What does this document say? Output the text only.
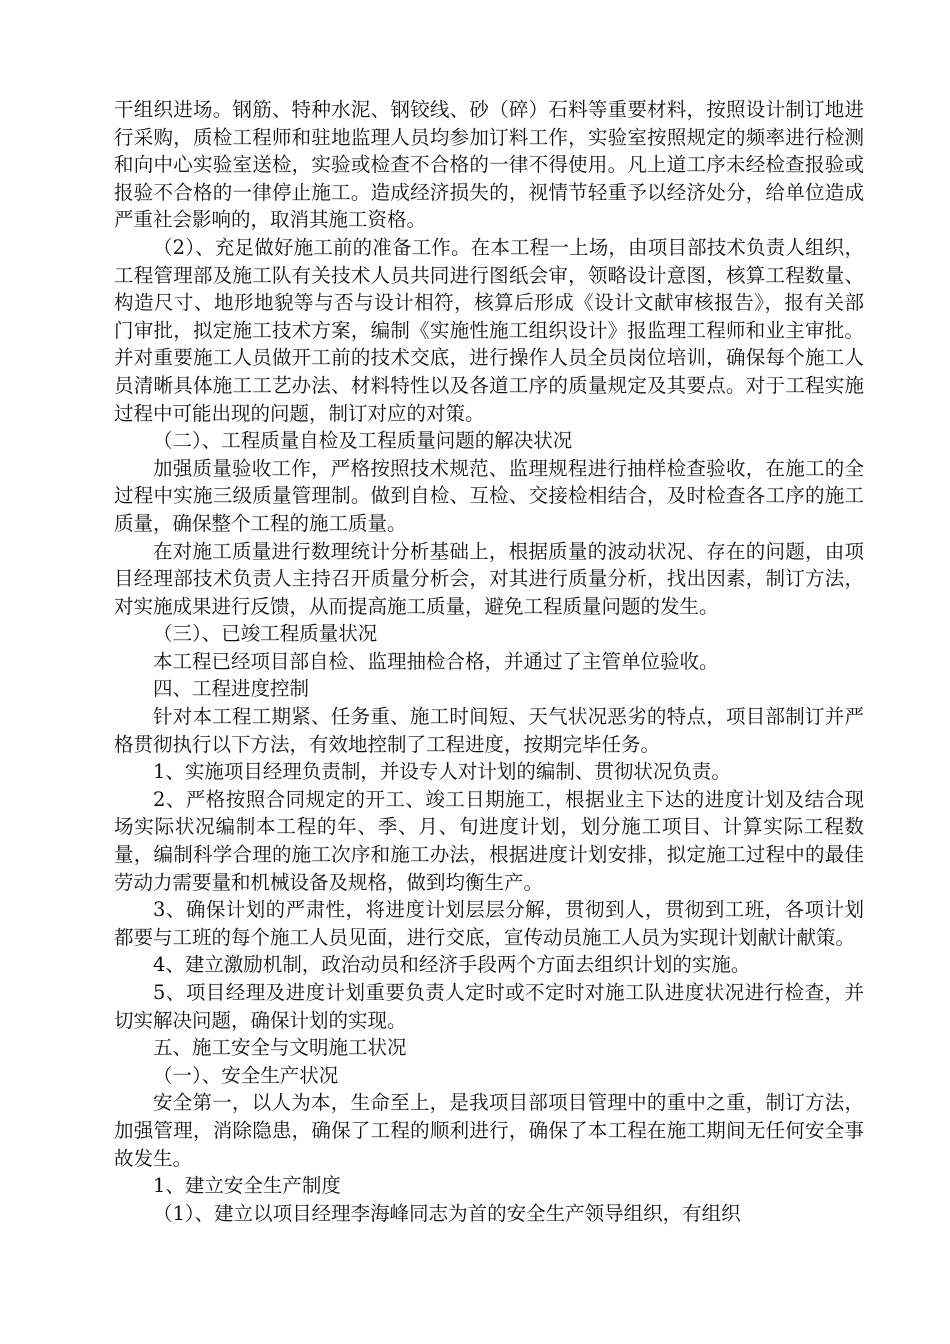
干组织进场。钢筋、特种水泥、钢铰线、砂（碎）石料等重要材料，按照设计制订地进行采购，质检工程师和驻地监理人员均参加订料工作，实验室按照规定的频率进行检测和向中心实验室送检，实验或检查不合格的一律不得使用。凡上道工序未经检查报验或报验不合格的一律停止施工。造成经济损失的，视情节轻重予以经济处分，给单位造成严重社会影响的，取消其施工资格。

（2）、充足做好施工前的准备工作。在本工程一上场，由项目部技术负责人组织，工程管理部及施工队有关技术人员共同进行图纸会审，领略设计意图，核算工程数量、构造尺寸、地形地貌等与否与设计相符，核算后形成《设计文献审核报告》，报有关部门审批，拟定施工技术方案，编制《实施性施工组织设计》报监理工程师和业主审批。并对重要施工人员做开工前的技术交底，进行操作人员全员岗位培训，确保每个施工人员清晰具体施工工艺办法、材料特性以及各道工序的质量规定及其要点。对于工程实施过程中可能出现的问题，制订对应的对策。

（二）、工程质量自检及工程质量问题的解决状况

加强质量验收工作，严格按照技术规范、监理规程进行抽样检查验收，在施工的全过程中实施三级质量管理制。做到自检、互检、交接检相结合，及时检查各工序的施工质量，确保整个工程的施工质量。

在对施工质量进行数理统计分析基础上，根据质量的波动状况、存在的问题，由项目经理部技术负责人主持召开质量分析会，对其进行质量分析，找出因素，制订方法，对实施成果进行反馈，从而提高施工质量，避免工程质量问题的发生。

（三）、已竣工程质量状况

本工程已经项目部自检、监理抽检合格，并通过了主管单位验收。

四、工程进度控制

针对本工程工期紧、任务重、施工时间短、天气状况恶劣的特点，项目部制订并严格贯彻执行以下方法，有效地控制了工程进度，按期完毕任务。

1、实施项目经理负责制，并设专人对计划的编制、贯彻状况负责。

2、严格按照合同规定的开工、竣工日期施工，根据业主下达的进度计划及结合现场实际状况编制本工程的年、季、月、旬进度计划，划分施工项目、计算实际工程数量，编制科学合理的施工次序和施工办法，根据进度计划安排，拟定施工过程中的最佳劳动力需要量和机械设备及规格，做到均衡生产。

3、确保计划的严肃性，将进度计划层层分解，贯彻到人，贯彻到工班，各项计划都要与工班的每个施工人员见面，进行交底，宣传动员施工人员为实现计划献计献策。

4、建立激励机制，政治动员和经济手段两个方面去组织计划的实施。

5、项目经理及进度计划重要负责人定时或不定时对施工队进度状况进行检查，并切实解决问题，确保计划的实现。

五、施工安全与文明施工状况

（一）、安全生产状况

安全第一，以人为本，生命至上，是我项目部项目管理中的重中之重，制订方法，加强管理，消除隐患，确保了工程的顺利进行，确保了本工程在施工期间无任何安全事故发生。

1、建立安全生产制度

（1）、建立以项目经理李海峰同志为首的安全生产领导组织，有组织
